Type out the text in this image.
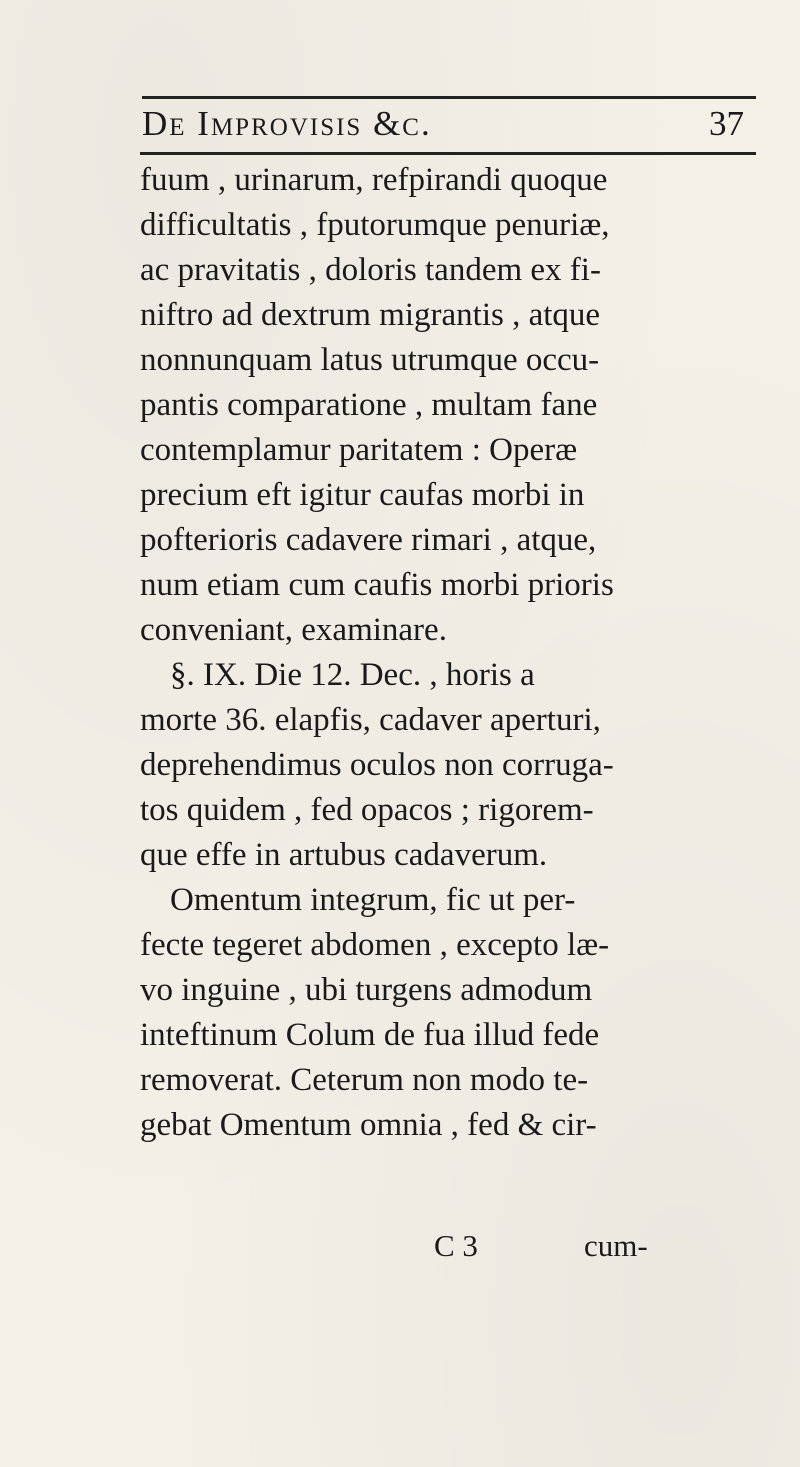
De Improvisis &c.	37
fuum , urinarum, refpirandi quoque
difficultatis , fputorumque penuriæ,
ac pravitatis , doloris tandem ex fi-
niftro ad dextrum migrantis , atque
nonnunquam latus utrumque occu-
pantis comparatione , multam fane
contemplamur paritatem : Operæ
precium eft igitur caufas morbi in
pofterioris cadavere rimari , atque,
num etiam cum caufis morbi prioris
conveniant, examinare.
§. IX. Die 12. Dec. , horis a
morte 36. elapfis, cadaver aperturi,
deprehendimus oculos non corruga-
tos quidem , fed opacos ; rigorem-
que effe in artubus cadaverum.
Omentum integrum, fic ut per-
fecte tegeret abdomen , excepto læ-
vo inguine , ubi turgens admodum
inteftinum Colum de fua illud fede
removerat. Ceterum non modo te-
gebat Omentum omnia , fed & cir-
C 3	cum-
